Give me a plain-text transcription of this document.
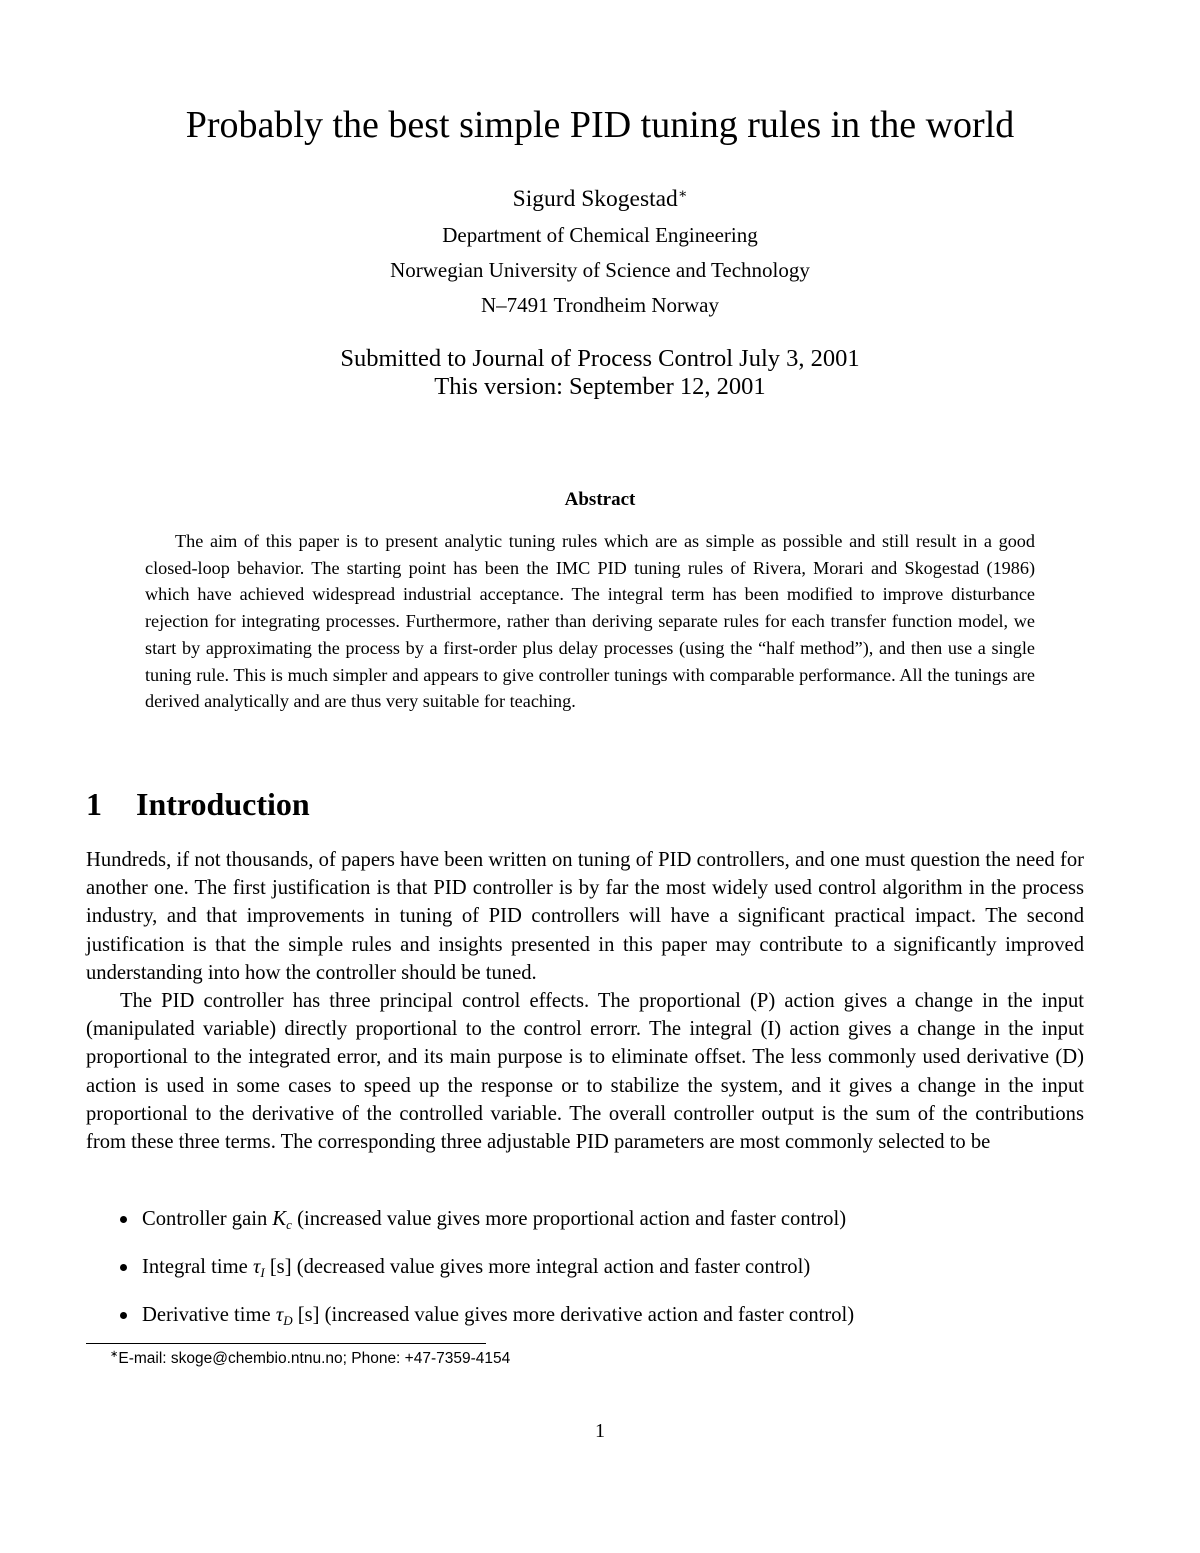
Probably the best simple PID tuning rules in the world
Sigurd Skogestad∗
Department of Chemical Engineering
Norwegian University of Science and Technology
N–7491 Trondheim Norway
Submitted to Journal of Process Control July 3, 2001
This version: September 12, 2001
Abstract

The aim of this paper is to present analytic tuning rules which are as simple as possible and still result in a good closed-loop behavior. The starting point has been the IMC PID tuning rules of Rivera, Morari and Skogestad (1986) which have achieved widespread industrial acceptance. The integral term has been modified to improve disturbance rejection for integrating processes. Furthermore, rather than deriving separate rules for each transfer function model, we start by approximating the process by a first-order plus delay processes (using the “half method”), and then use a single tuning rule. This is much simpler and appears to give controller tunings with comparable performance. All the tunings are derived analytically and are thus very suitable for teaching.

1 Introduction

Hundreds, if not thousands, of papers have been written on tuning of PID controllers, and one must question the need for another one. The first justification is that PID controller is by far the most widely used control algorithm in the process industry, and that improvements in tuning of PID controllers will have a significant practical impact. The second justification is that the simple rules and insights presented in this paper may contribute to a significantly improved understanding into how the controller should be tuned.

The PID controller has three principal control effects. The proportional (P) action gives a change in the input (manipulated variable) directly proportional to the control errorr. The integral (I) action gives a change in the input proportional to the integrated error, and its main purpose is to eliminate offset. The less commonly used derivative (D) action is used in some cases to speed up the response or to stabilize the system, and it gives a change in the input proportional to the derivative of the controlled variable. The overall controller output is the sum of the contributions from these three terms. The corresponding three adjustable PID parameters are most commonly selected to be

Controller gain $K_c$ (increased value gives more proportional action and faster control)
Integral time $\tau_I$ [s] (decreased value gives more integral action and faster control)
Derivative time $\tau_D$ [s] (increased value gives more derivative action and faster control)
∗E-mail: skoge@chembio.ntnu.no; Phone: +47-7359-4154
1
